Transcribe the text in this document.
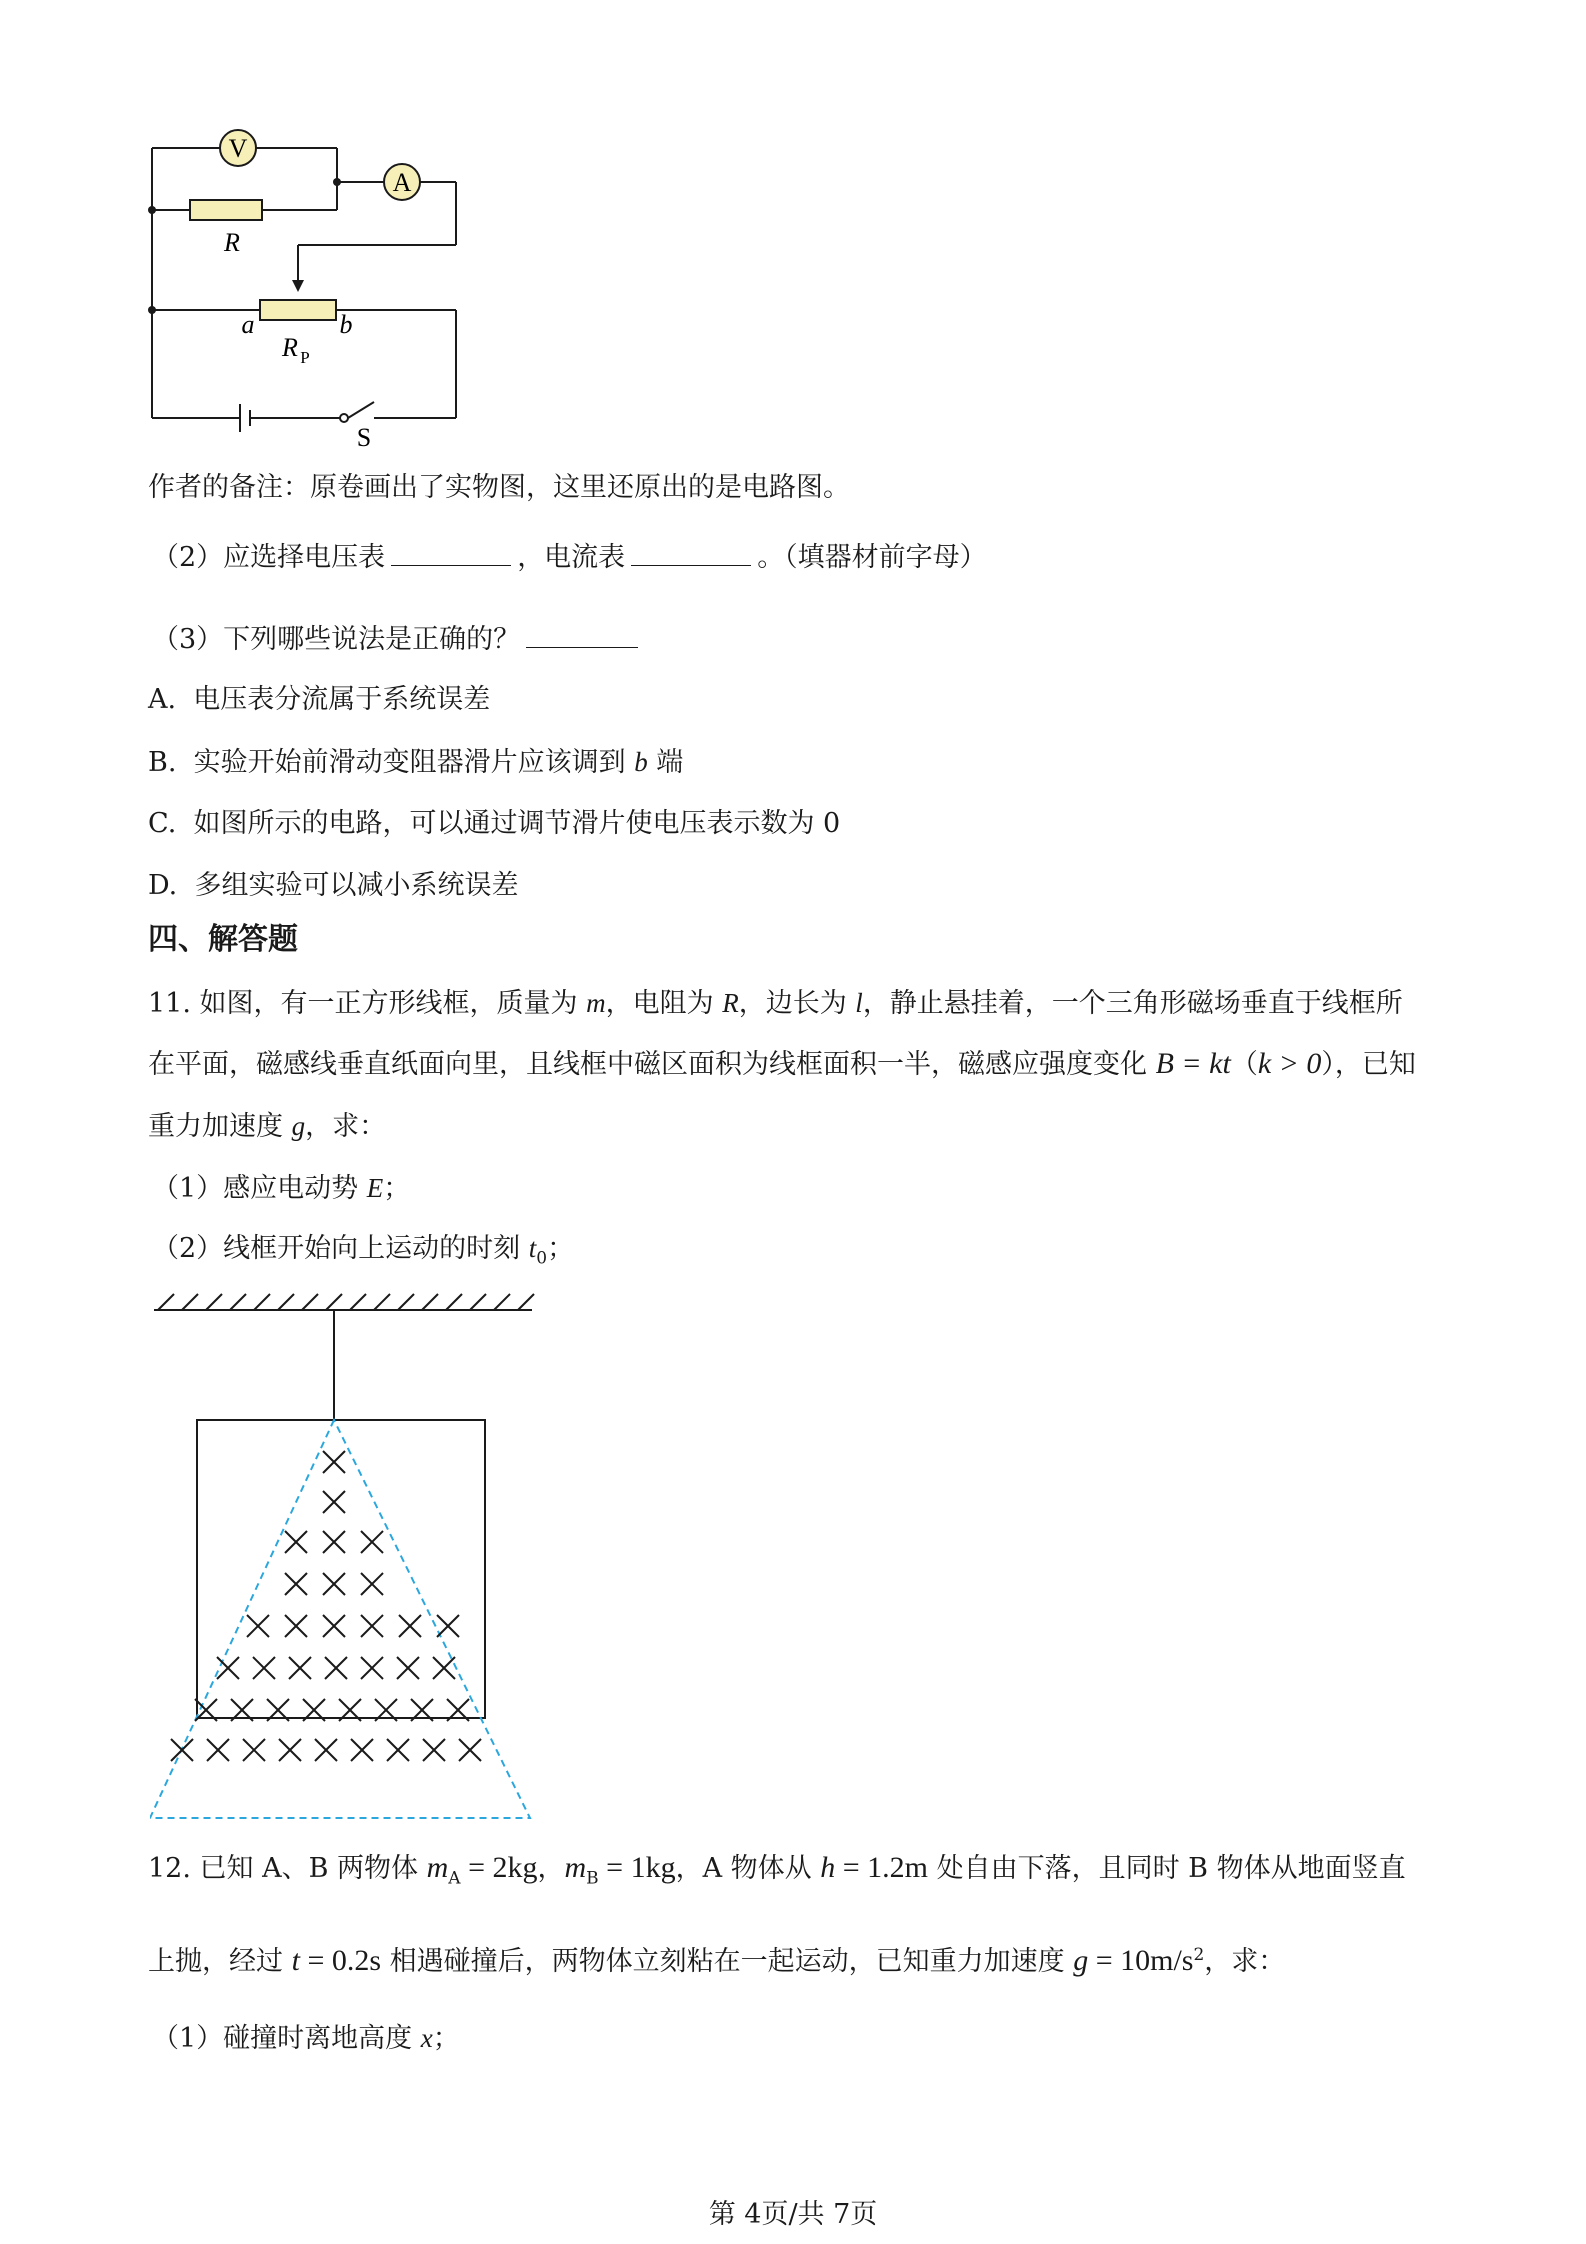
V
A
R
a	b
R P
S
作者的备注：原卷画出了实物图，这里还原出的是电路图。
（2）应选择电压表	，电流表	。（填器材前字母）
（3）下列哪些说法是正确的？
A. 电压表分流属于系统误差
B. 实验开始前滑动变阻器滑片应该调到 b 端
C. 如图所示的电路，可以通过调节滑片使电压表示数为 0
D. 多组实验可以减小系统误差
四、解答题
11. 如图，有一正方形线框，质量为 m，电阻为 R，边长为 l，静止悬挂着，一个三角形磁场垂直于线框所
在平面，磁感线垂直纸面向里，且线框中磁区面积为线框面积一半，磁感应强度变化 B = kt（k > 0），已知
重力加速度 g，求：
（1）感应电动势 E；
（2）线框开始向上运动的时刻 $t_0$；
12. 已知 A、B 两物体 $m_A = 2kg$，$m_B = 1kg$，A 物体从 h = 1.2m 处自由下落，且同时 B 物体从地面竖直
上抛，经过 t = 0.2s 相遇碰撞后，两物体立刻粘在一起运动，已知重力加速度 $g = 10m/s^2$，求：
（1）碰撞时离地高度 x；
第 4页/共 7页
